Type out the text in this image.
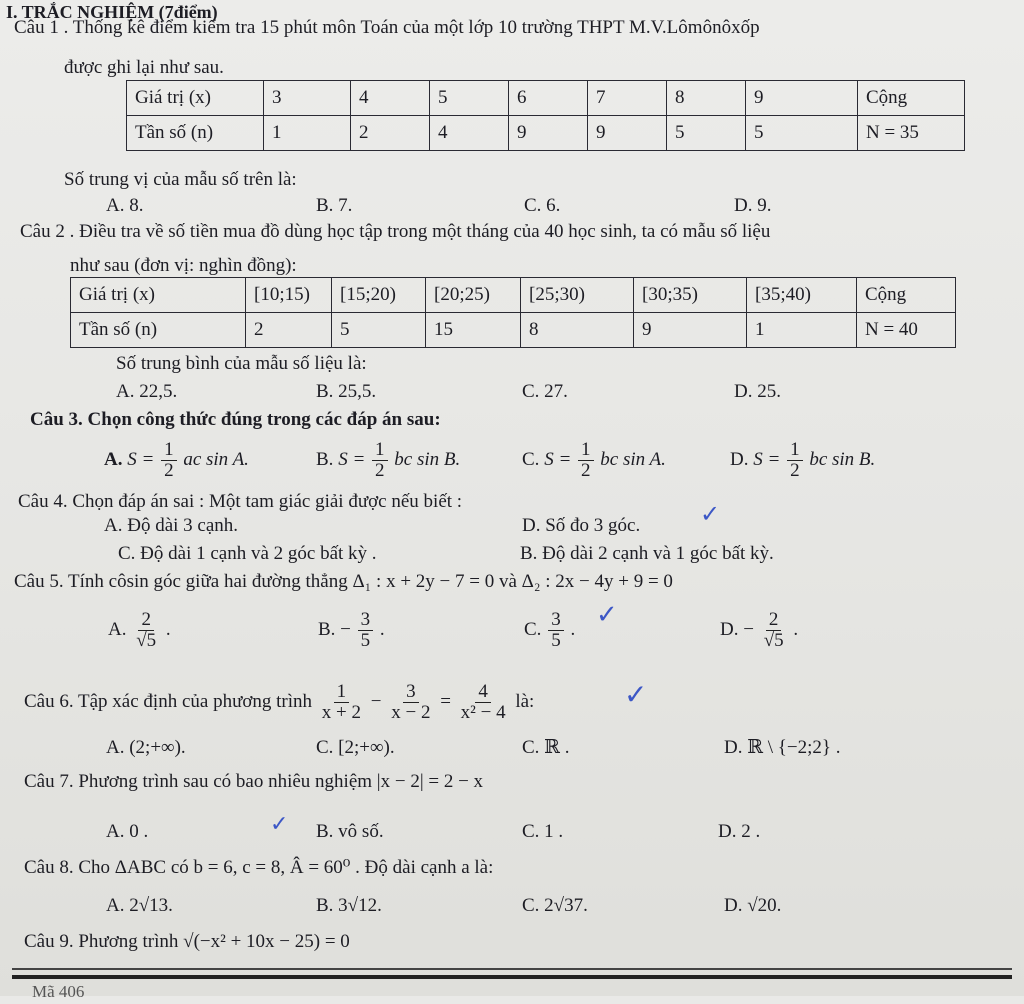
I. TRẮC NGHIỆM (7điểm)
Câu 1 . Thống kê điểm kiểm tra 15 phút môn Toán của một lớp 10 trường THPT M.V.Lômônôxốp
được ghi lại như sau.
Giá trị (x)	3	4	5	6	7	8	9	Cộng
Tần số (n)	1	2	4	9	9	5	5	N = 35
Số trung vị của mẫu số trên là:
A. 8.	B. 7.	C. 6.	D. 9.
Câu 2 . Điều tra về số tiền mua đồ dùng học tập trong một tháng của 40 học sinh, ta có mẫu số liệu
như sau (đơn vị: nghìn đồng):
Giá trị (x)	[10;15)	[15;20)	[20;25)	[25;30)	[30;35)	[35;40)	Cộng
Tần số (n)	2	5	15	8	9	1	N = 40
Số trung bình của mẫu số liệu là:
A. 22,5.	B. 25,5.	C. 27.	D. 25.
Câu 3. Chọn công thức đúng trong các đáp án sau:
A. $S = \frac{1}{2}$ ac sin A.	B. $S = \frac{1}{2}$ bc sin B.	C. $S = \frac{1}{2}$ bc sin A.	D. $S = \frac{1}{2}$ bc sin B.
Câu 4. Chọn đáp án sai : Một tam giác giải được nếu biết :
A. Độ dài 3 cạnh.	D. Số đo 3 góc. ✓
C. Độ dài 1 cạnh và 2 góc bất kỳ .	B. Độ dài 2 cạnh và 1 góc bất kỳ.
Câu 5. Tính côsin góc giữa hai đường thẳng Δ₁ : x + 2y − 7 = 0 và Δ₂ : 2x − 4y + 9 = 0
A. $\frac{2}{√5}$ .	B. − $\frac{3}{5}$ .	C. $\frac{3}{5}$ . ✓	D. − $\frac{2}{√5}$ .
Câu 6. Tập xác định của phương trình $\frac{1}{x + 2} - \frac{3}{x - 2} = \frac{4}{\text{x² − 4}}$ là:	✓
A. (2;+∞).	C. [2;+∞).	C. ℝ .	D. ℝ \ {−2;2} .
Câu 7. Phương trình sau có bao nhiêu nghiệm |x − 2| = 2 − x
A. 0 .	✓ B. vô số.	C. 1 .	D. 2 .
Câu 8. Cho ΔABC có b = 6, c = 8, Â = 60⁰ . Độ dài cạnh a là:
A. 2√13.	B. 3√12.	C. 2√37.	D. √20.
Câu 9. Phương trình √(−x² + 10x − 25) = 0
Mã 406
